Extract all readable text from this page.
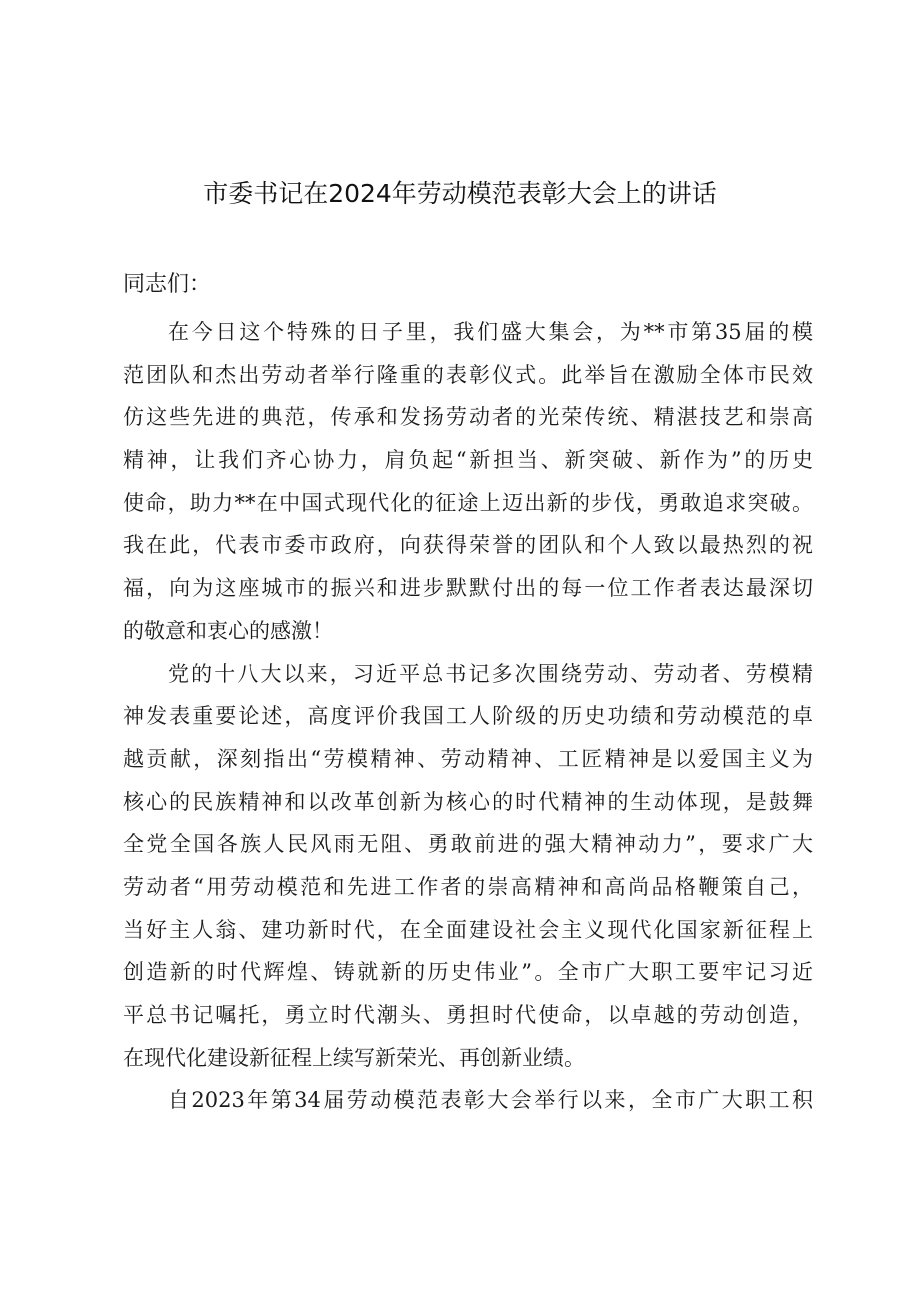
市委书记在2024年劳动模范表彰大会上的讲话
同志们：
在今日这个特殊的日子里，我们盛大集会，为**市第35届的模
范团队和杰出劳动者举行隆重的表彰仪式。此举旨在激励全体市民效
仿这些先进的典范，传承和发扬劳动者的光荣传统、精湛技艺和崇高
精神，让我们齐心协力，肩负起“新担当、新突破、新作为”的历史
使命，助力**在中国式现代化的征途上迈出新的步伐，勇敢追求突破。
我在此，代表市委市政府，向获得荣誉的团队和个人致以最热烈的祝
福，向为这座城市的振兴和进步默默付出的每一位工作者表达最深切
的敬意和衷心的感激！
党的十八大以来，习近平总书记多次围绕劳动、劳动者、劳模精
神发表重要论述，高度评价我国工人阶级的历史功绩和劳动模范的卓
越贡献，深刻指出“劳模精神、劳动精神、工匠精神是以爱国主义为
核心的民族精神和以改革创新为核心的时代精神的生动体现，是鼓舞
全党全国各族人民风雨无阻、勇敢前进的强大精神动力”，要求广大
劳动者“用劳动模范和先进工作者的崇高精神和高尚品格鞭策自己，
当好主人翁、建功新时代，在全面建设社会主义现代化国家新征程上
创造新的时代辉煌、铸就新的历史伟业”。全市广大职工要牢记习近
平总书记嘱托，勇立时代潮头、勇担时代使命，以卓越的劳动创造，
在现代化建设新征程上续写新荣光、再创新业绩。
自2023年第34届劳动模范表彰大会举行以来，全市广大职工积
